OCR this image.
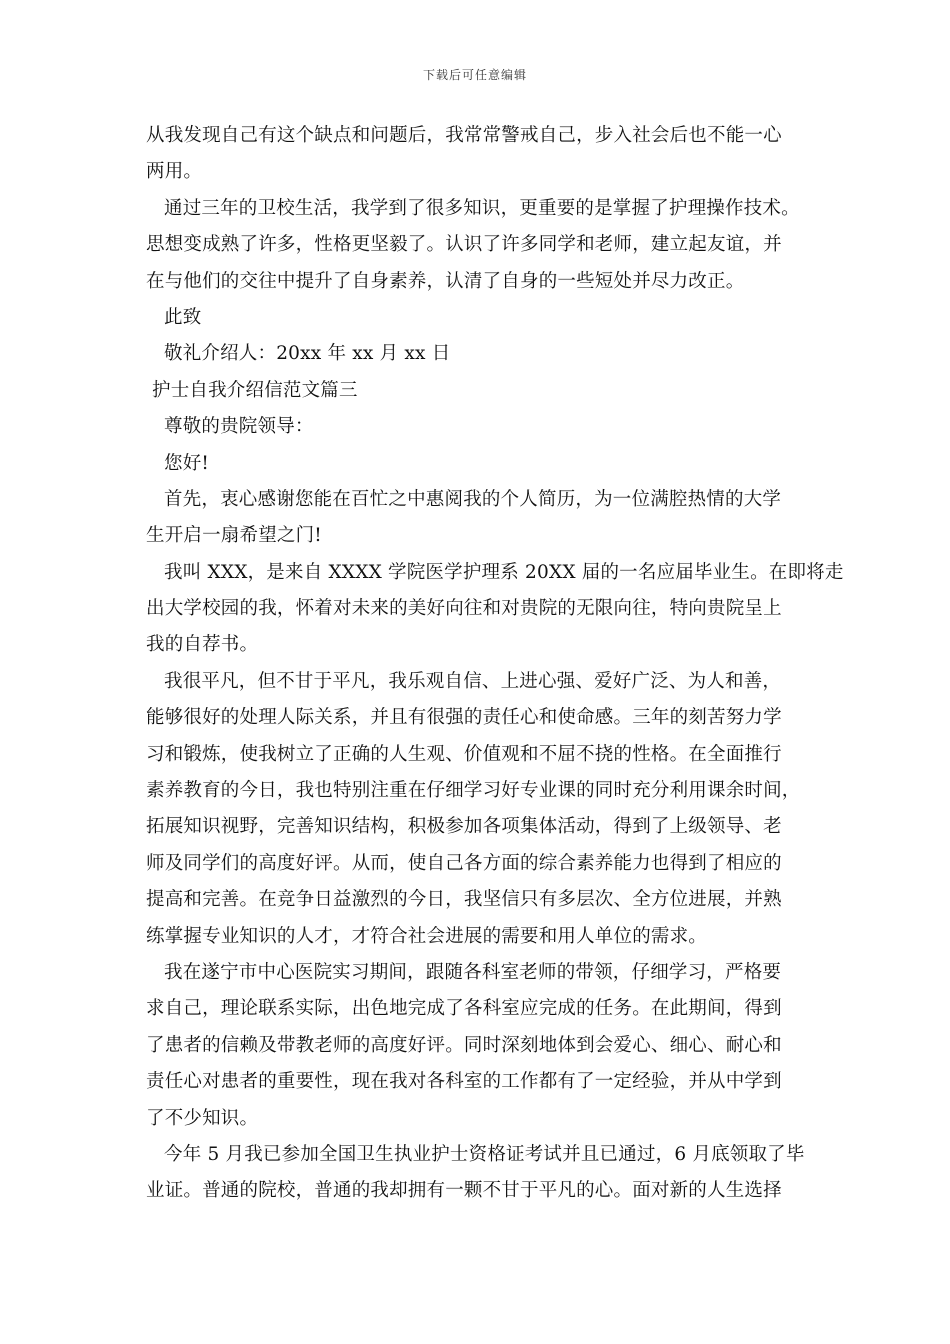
下载后可任意编辑
从我发现自己有这个缺点和问题后，我常常警戒自己，步入社会后也不能一心
两用。
通过三年的卫校生活，我学到了很多知识，更重要的是掌握了护理操作技术。
思想变成熟了许多，性格更坚毅了。认识了许多同学和老师，建立起友谊，并
在与他们的交往中提升了自身素养，认清了自身的一些短处并尽力改正。
此致
敬礼介绍人：20xx 年 xx 月 xx 日
护士自我介绍信范文篇三
尊敬的贵院领导：
您好!
首先，衷心感谢您能在百忙之中惠阅我的个人简历，为一位满腔热情的大学
生开启一扇希望之门!
我叫 XXX，是来自 XXXX 学院医学护理系 20XX 届的一名应届毕业生。在即将走
出大学校园的我，怀着对未来的美好向往和对贵院的无限向往，特向贵院呈上
我的自荐书。
我很平凡，但不甘于平凡，我乐观自信、上进心强、爱好广泛、为人和善，
能够很好的处理人际关系，并且有很强的责任心和使命感。三年的刻苦努力学
习和锻炼，使我树立了正确的人生观、价值观和不屈不挠的性格。在全面推行
素养教育的今日，我也特别注重在仔细学习好专业课的同时充分利用课余时间，
拓展知识视野，完善知识结构，积极参加各项集体活动，得到了上级领导、老
师及同学们的高度好评。从而，使自己各方面的综合素养能力也得到了相应的
提高和完善。在竞争日益激烈的今日，我坚信只有多层次、全方位进展，并熟
练掌握专业知识的人才，才符合社会进展的需要和用人单位的需求。
我在遂宁市中心医院实习期间，跟随各科室老师的带领，仔细学习，严格要
求自己，理论联系实际，出色地完成了各科室应完成的任务。在此期间，得到
了患者的信赖及带教老师的高度好评。同时深刻地体到会爱心、细心、耐心和
责任心对患者的重要性，现在我对各科室的工作都有了一定经验，并从中学到
了不少知识。
今年 5 月我已参加全国卫生执业护士资格证考试并且已通过，6 月底领取了毕
业证。普通的院校，普通的我却拥有一颗不甘于平凡的心。面对新的人生选择
